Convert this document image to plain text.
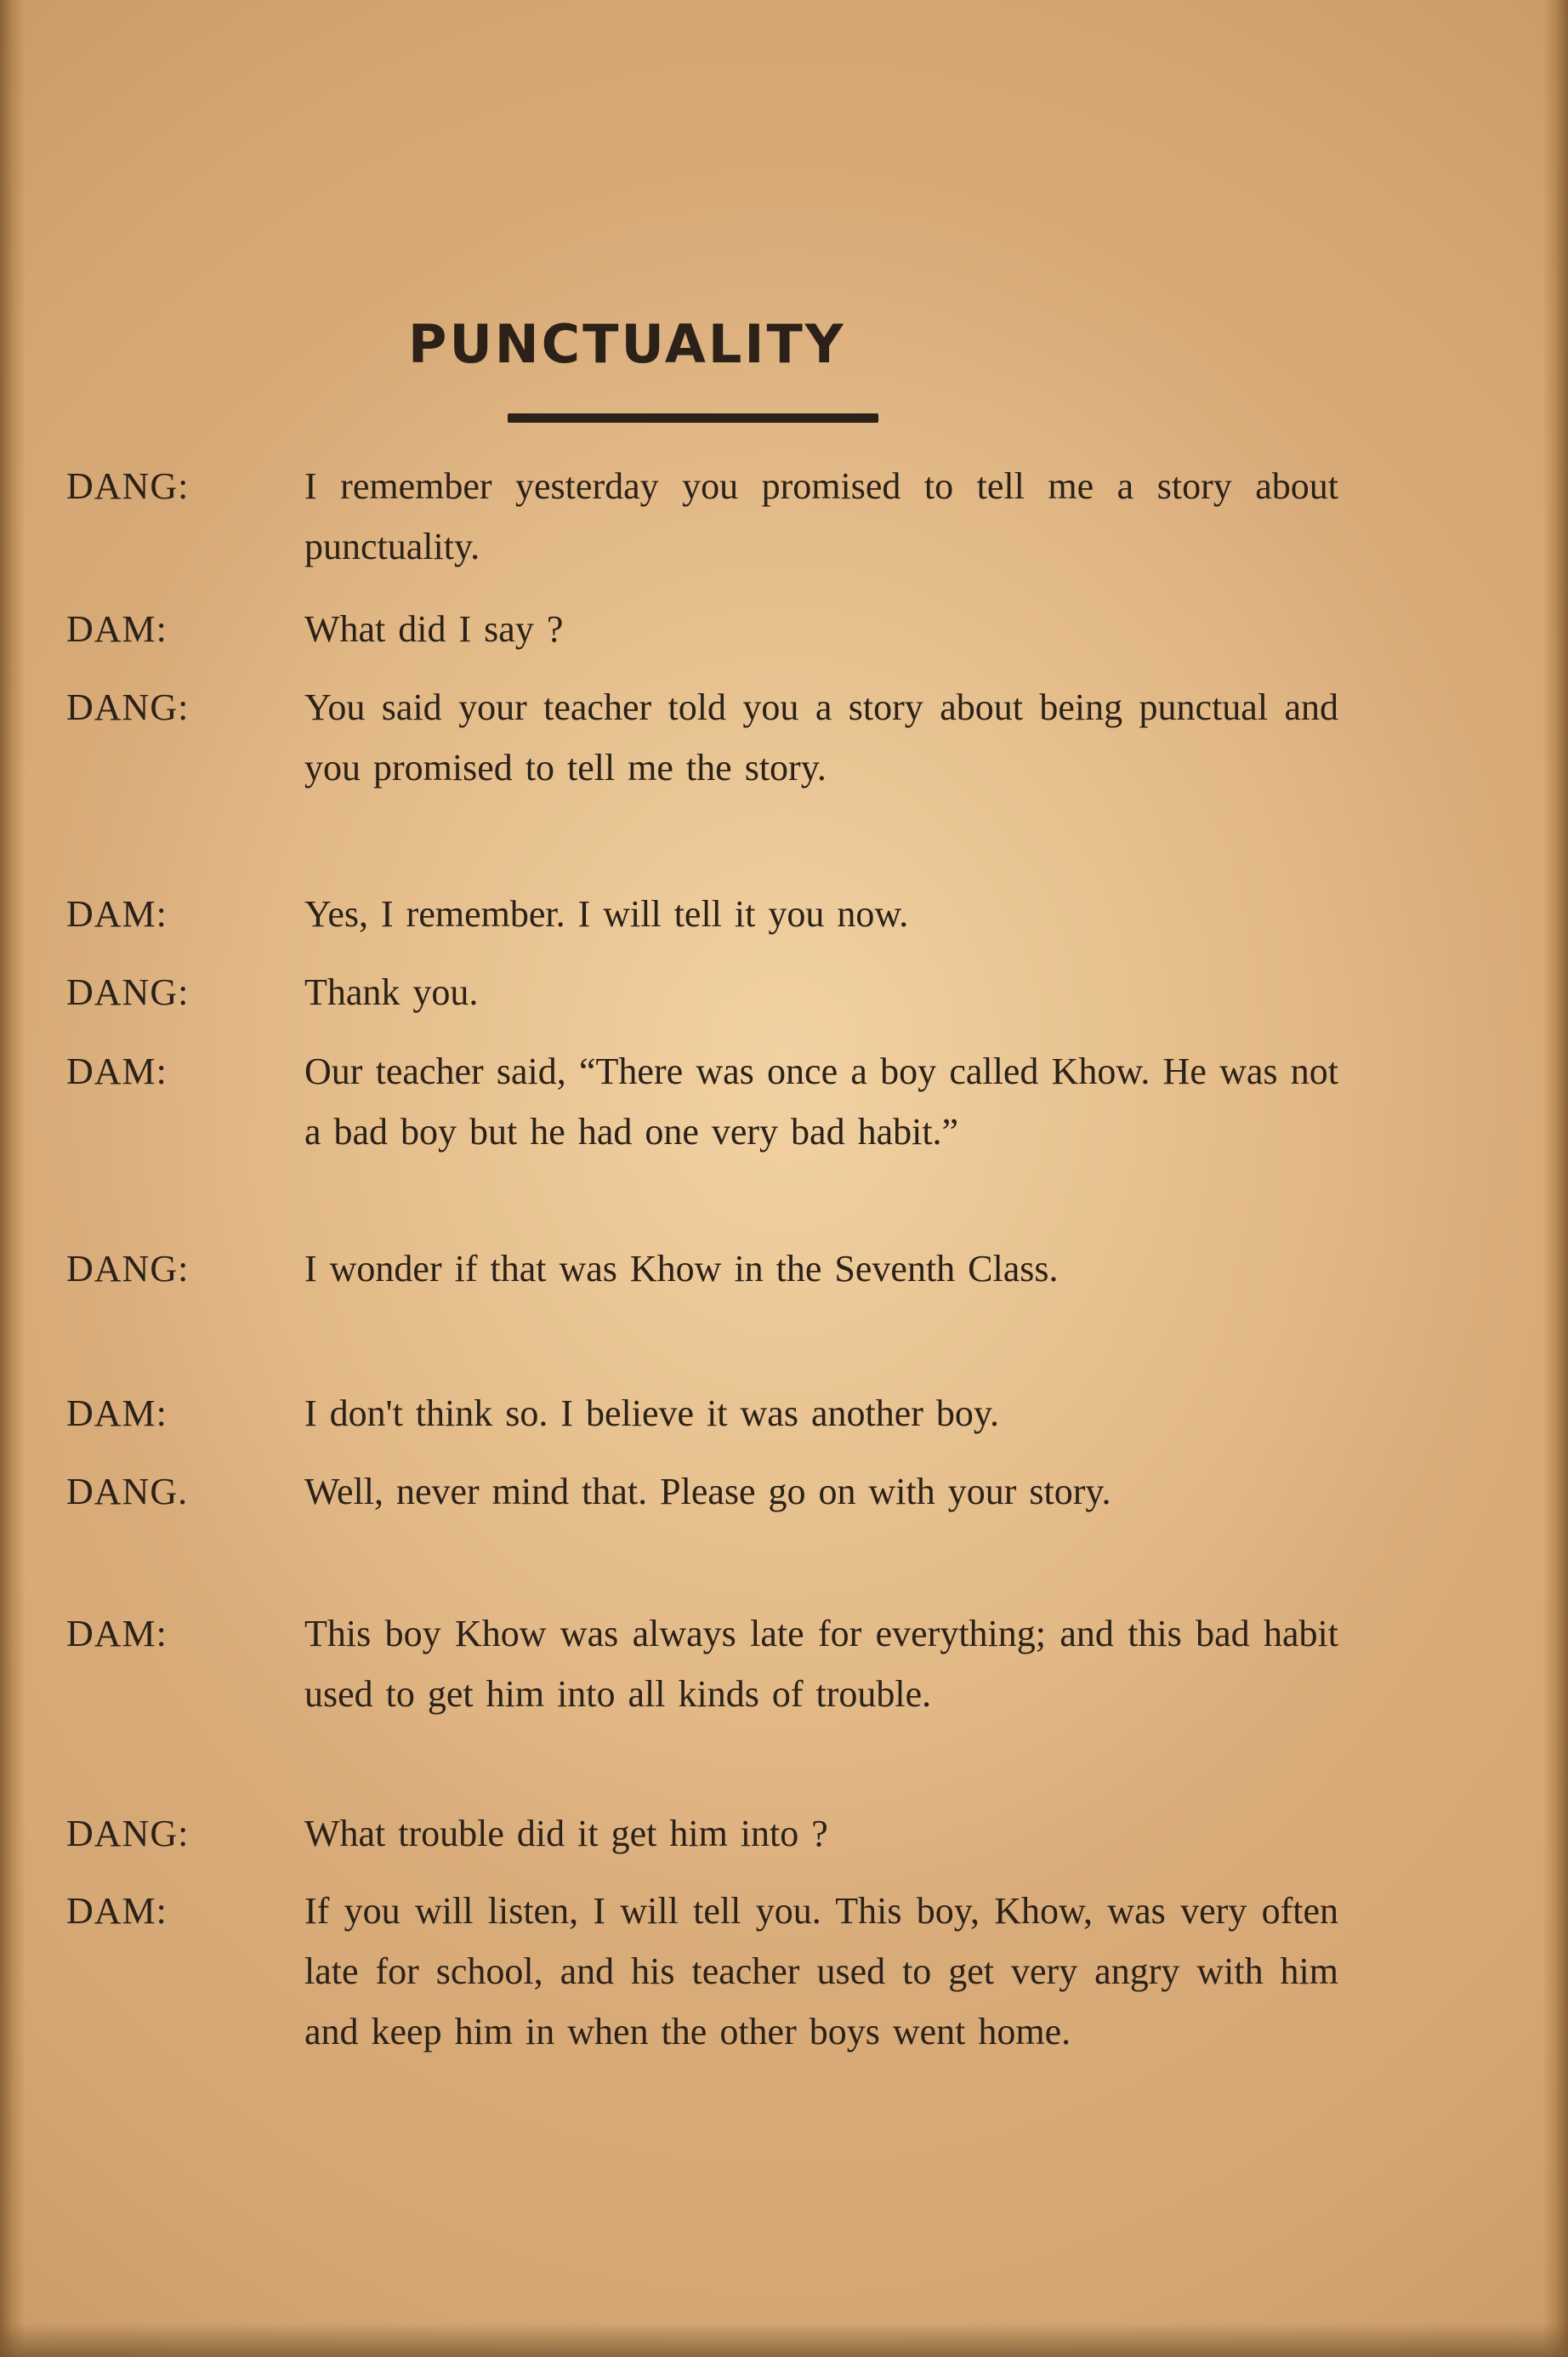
PUNCTUALITY
DANG:	I remember yesterday you promised to tell me a story about punctuality.
DAM:	What did I say ?
DANG:	You said your teacher told you a story about being punctual and you promised to tell me the story.
DAM:	Yes, I remember. I will tell it you now.
DANG:	Thank you.
DAM:	Our teacher said, “There was once a boy called Khow. He was not a bad boy but he had one very bad habit.”
DANG:	I wonder if that was Khow in the Seventh Class.
DAM:	I don't think so. I believe it was another boy.
DANG.	Well, never mind that. Please go on with your story.
DAM:	This boy Khow was always late for everything; and this bad habit used to get him into all kinds of trouble.
DANG:	What trouble did it get him into ?
DAM:	If you will listen, I will tell you. This boy, Khow, was very often late for school, and his teacher used to get very angry with him and keep him in when the other boys went home.
